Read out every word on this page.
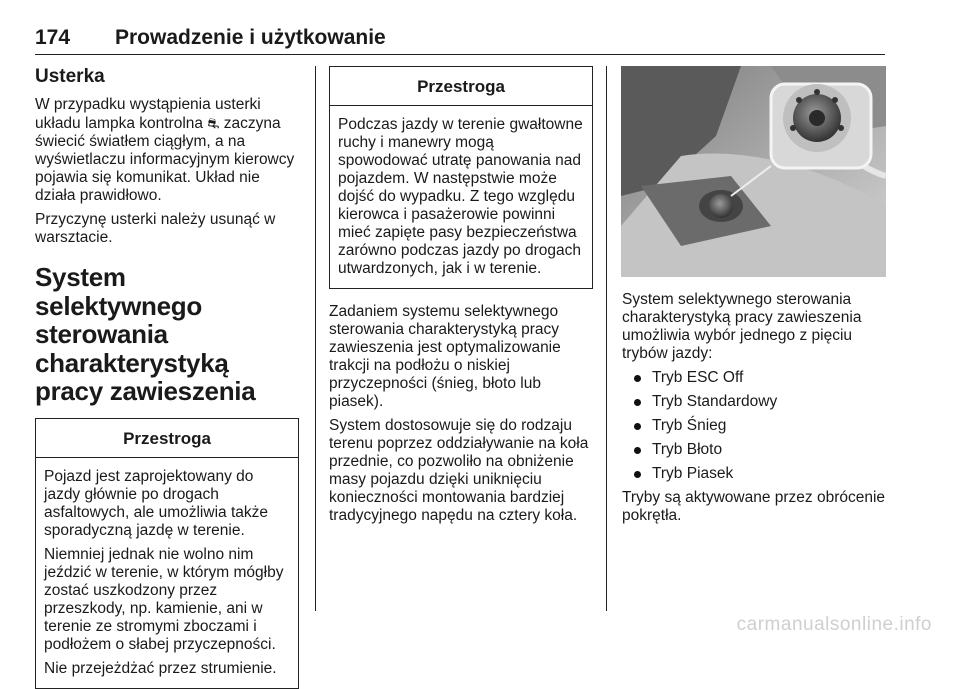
174 Prowadzenie i użytkowanie
Usterka

W przypadku wystąpienia usterki układu lampka kontrolna ⛐ zaczyna świecić światłem ciągłym, a na wyświetlaczu informacyjnym kierowcy pojawia się komunikat. Układ nie działa prawidłowo.

Przyczynę usterki należy usunąć w warsztacie.

System selektywnego sterowania charakterystyką pracy zawieszenia
Przestroga

Pojazd jest zaprojektowany do jazdy głównie po drogach asfaltowych, ale umożliwia także sporadyczną jazdę w terenie.

Niemniej jednak nie wolno nim jeździć w terenie, w którym mógłby zostać uszkodzony przez przeszkody, np. kamienie, ani w terenie ze stromymi zboczami i podłożem o słabej przyczepności.

Nie przejeżdżać przez strumienie.

Przestroga

Podczas jazdy w terenie gwałtowne ruchy i manewry mogą spowodować utratę panowania nad pojazdem. W następstwie może dojść do wypadku. Z tego względu kierowca i pasażerowie powinni mieć zapięte pasy bezpieczeństwa zarówno podczas jazdy po drogach utwardzonych, jak i w terenie.

Zadaniem systemu selektywnego sterowania charakterystyką pracy zawieszenia jest optymalizowanie trakcji na podłożu o niskiej przyczepności (śnieg, błoto lub piasek).

System dostosowuje się do rodzaju terenu poprzez oddziaływanie na koła przednie, co pozwoliło na obniżenie masy pojazdu dzięki uniknięciu konieczności montowania bardziej tradycyjnego napędu na cztery koła.

System selektywnego sterowania charakterystyką pracy zawieszenia umożliwia wybór jednego z pięciu trybów jazdy:

Tryb ESC Off
Tryb Standardowy
Tryb Śnieg
Tryb Błoto
Tryb Piasek

Tryby są aktywowane przez obrócenie pokrętła.

carmanualsonline.info
